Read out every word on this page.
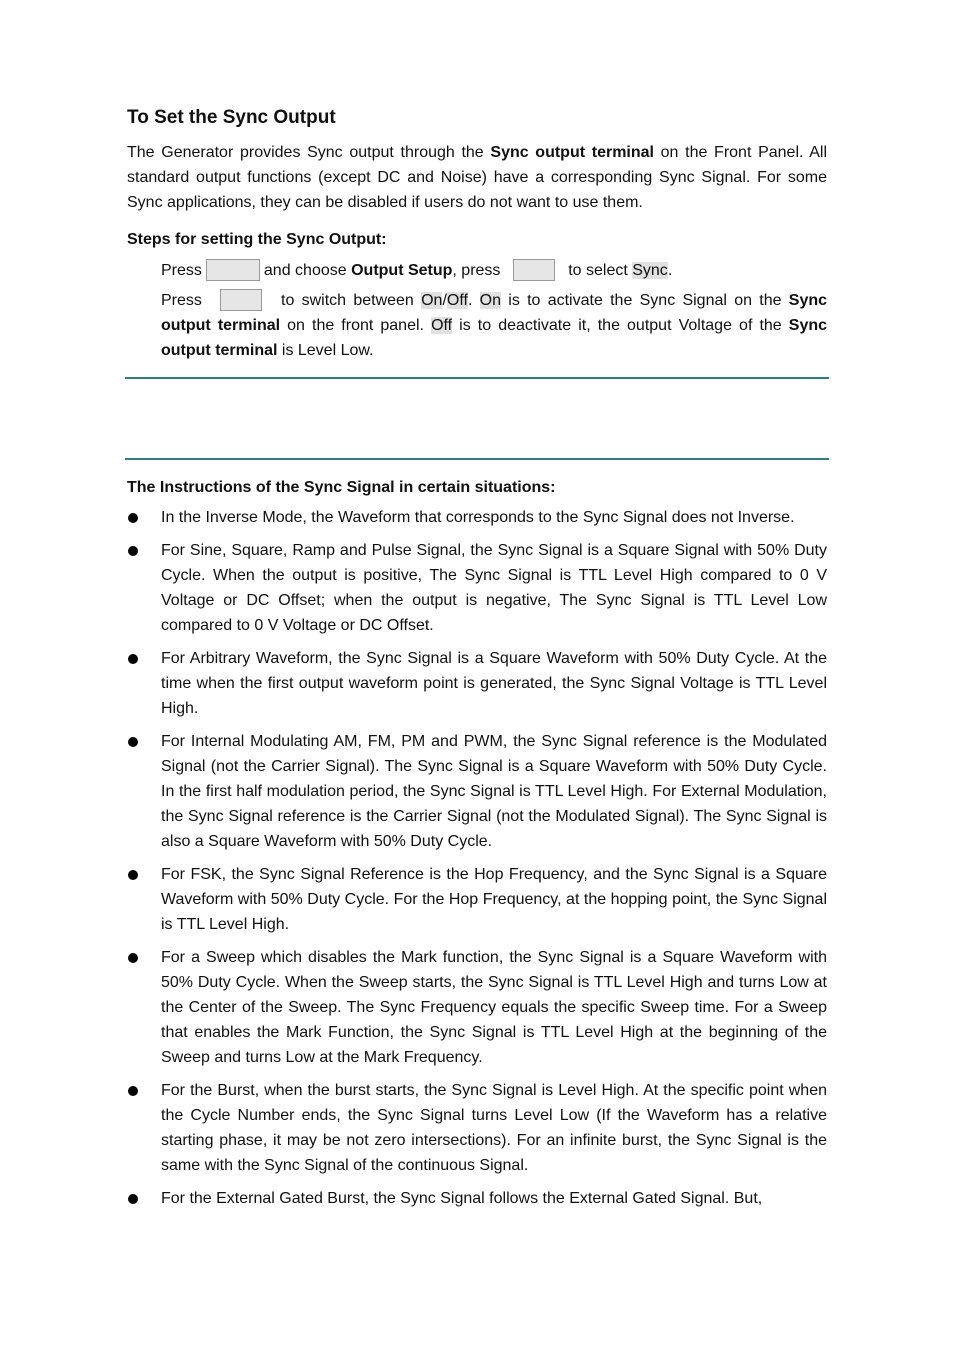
To Set the Sync Output

The Generator provides Sync output through the Sync output terminal on the Front Panel. All standard output functions (except DC and Noise) have a corresponding Sync Signal. For some Sync applications, they can be disabled if users do not want to use them.

Steps for setting the Sync Output:

Press	and choose Output Setup, press	to select Sync.

Press	to switch between On/Off. On is to activate the Sync Signal on the Sync output terminal on the front panel. Off is to deactivate it, the output Voltage of the Sync output terminal is Level Low.

The Instructions of the Sync Signal in certain situations:

In the Inverse Mode, the Waveform that corresponds to the Sync Signal does not Inverse.
For Sine, Square, Ramp and Pulse Signal, the Sync Signal is a Square Signal with 50% Duty Cycle. When the output is positive, The Sync Signal is TTL Level High compared to 0 V Voltage or DC Offset; when the output is negative, The Sync Signal is TTL Level Low compared to 0 V Voltage or DC Offset.
For Arbitrary Waveform, the Sync Signal is a Square Waveform with 50% Duty Cycle. At the time when the first output waveform point is generated, the Sync Signal Voltage is TTL Level High.
For Internal Modulating AM, FM, PM and PWM, the Sync Signal reference is the Modulated Signal (not the Carrier Signal). The Sync Signal is a Square Waveform with 50% Duty Cycle. In the first half modulation period, the Sync Signal is TTL Level High. For External Modulation, the Sync Signal reference is the Carrier Signal (not the Modulated Signal). The Sync Signal is also a Square Waveform with 50% Duty Cycle.
For FSK, the Sync Signal Reference is the Hop Frequency, and the Sync Signal is a Square Waveform with 50% Duty Cycle. For the Hop Frequency, at the hopping point, the Sync Signal is TTL Level High.
For a Sweep which disables the Mark function, the Sync Signal is a Square Waveform with 50% Duty Cycle. When the Sweep starts, the Sync Signal is TTL Level High and turns Low at the Center of the Sweep. The Sync Frequency equals the specific Sweep time. For a Sweep that enables the Mark Function, the Sync Signal is TTL Level High at the beginning of the Sweep and turns Low at the Mark Frequency.
For the Burst, when the burst starts, the Sync Signal is Level High. At the specific point when the Cycle Number ends, the Sync Signal turns Level Low (If the Waveform has a relative starting phase, it may be not zero intersections). For an infinite burst, the Sync Signal is the same with the Sync Signal of the continuous Signal.
For the External Gated Burst, the Sync Signal follows the External Gated Signal. But,
